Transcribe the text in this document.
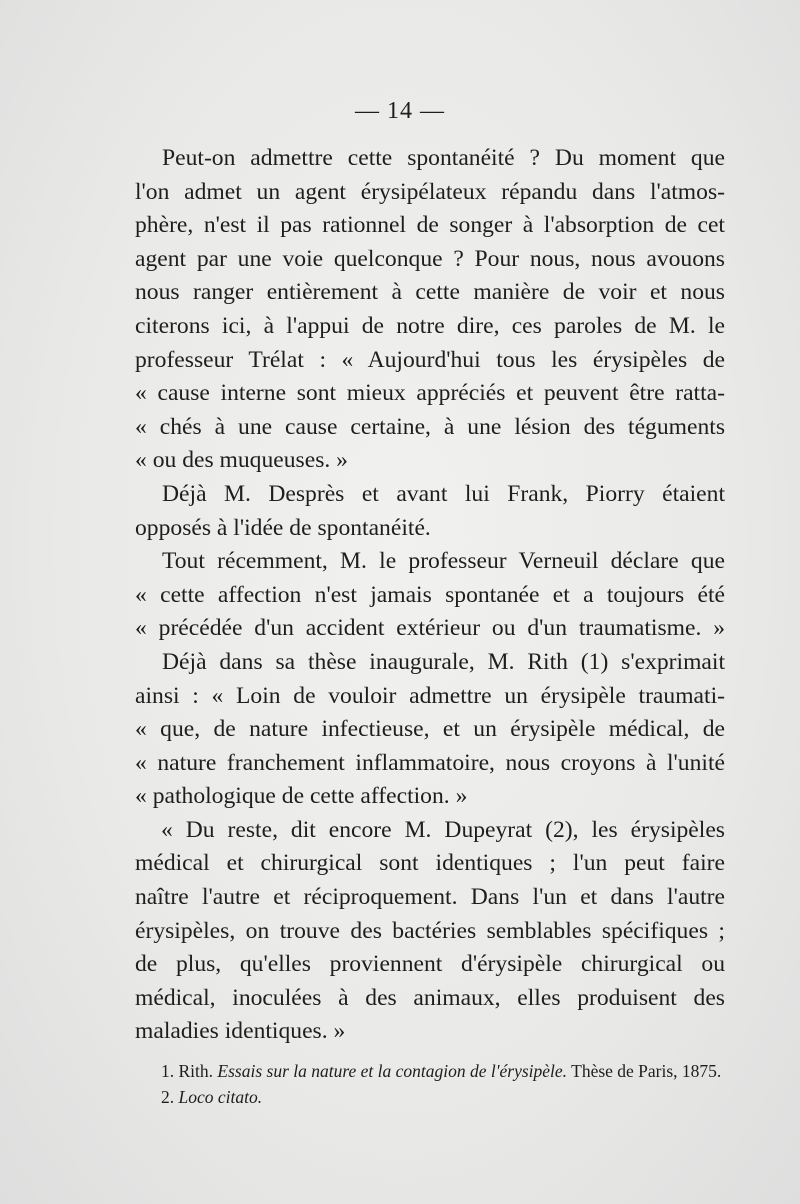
— 14 —

Peut-on admettre cette spontanéité ? Du moment que

l'on admet un agent érysipélateux répandu dans l'atmos-

phère, n'est il pas rationnel de songer à l'absorption de cet

agent par une voie quelconque ? Pour nous, nous avouons

nous ranger entièrement à cette manière de voir et nous

citerons ici, à l'appui de notre dire, ces paroles de M. le

professeur Trélat : « Aujourd'hui tous les érysipèles de

« cause interne sont mieux appréciés et peuvent être ratta-

« chés à une cause certaine, à une lésion des téguments

« ou des muqueuses. »

Déjà M. Desprès et avant lui Frank, Piorry étaient

opposés à l'idée de spontanéité.

Tout récemment, M. le professeur Verneuil déclare que

« cette affection n'est jamais spontanée et a toujours été

« précédée d'un accident extérieur ou d'un traumatisme. »

Déjà dans sa thèse inaugurale, M. Rith (1) s'exprimait

ainsi : « Loin de vouloir admettre un érysipèle traumati-

« que, de nature infectieuse, et un érysipèle médical, de

« nature franchement inflammatoire, nous croyons à l'unité

« pathologique de cette affection. »

« Du reste, dit encore M. Dupeyrat (2), les érysipèles

médical et chirurgical sont identiques ; l'un peut faire

naître l'autre et réciproquement. Dans l'un et dans l'autre

érysipèles, on trouve des bactéries semblables spécifiques ;

de plus, qu'elles proviennent d'érysipèle chirurgical ou

médical, inoculées à des animaux, elles produisent des

maladies identiques. »

1. Rith. Essais sur la nature et la contagion de l'érysipèle. Thèse de Paris, 1875.

2. Loco citato.
